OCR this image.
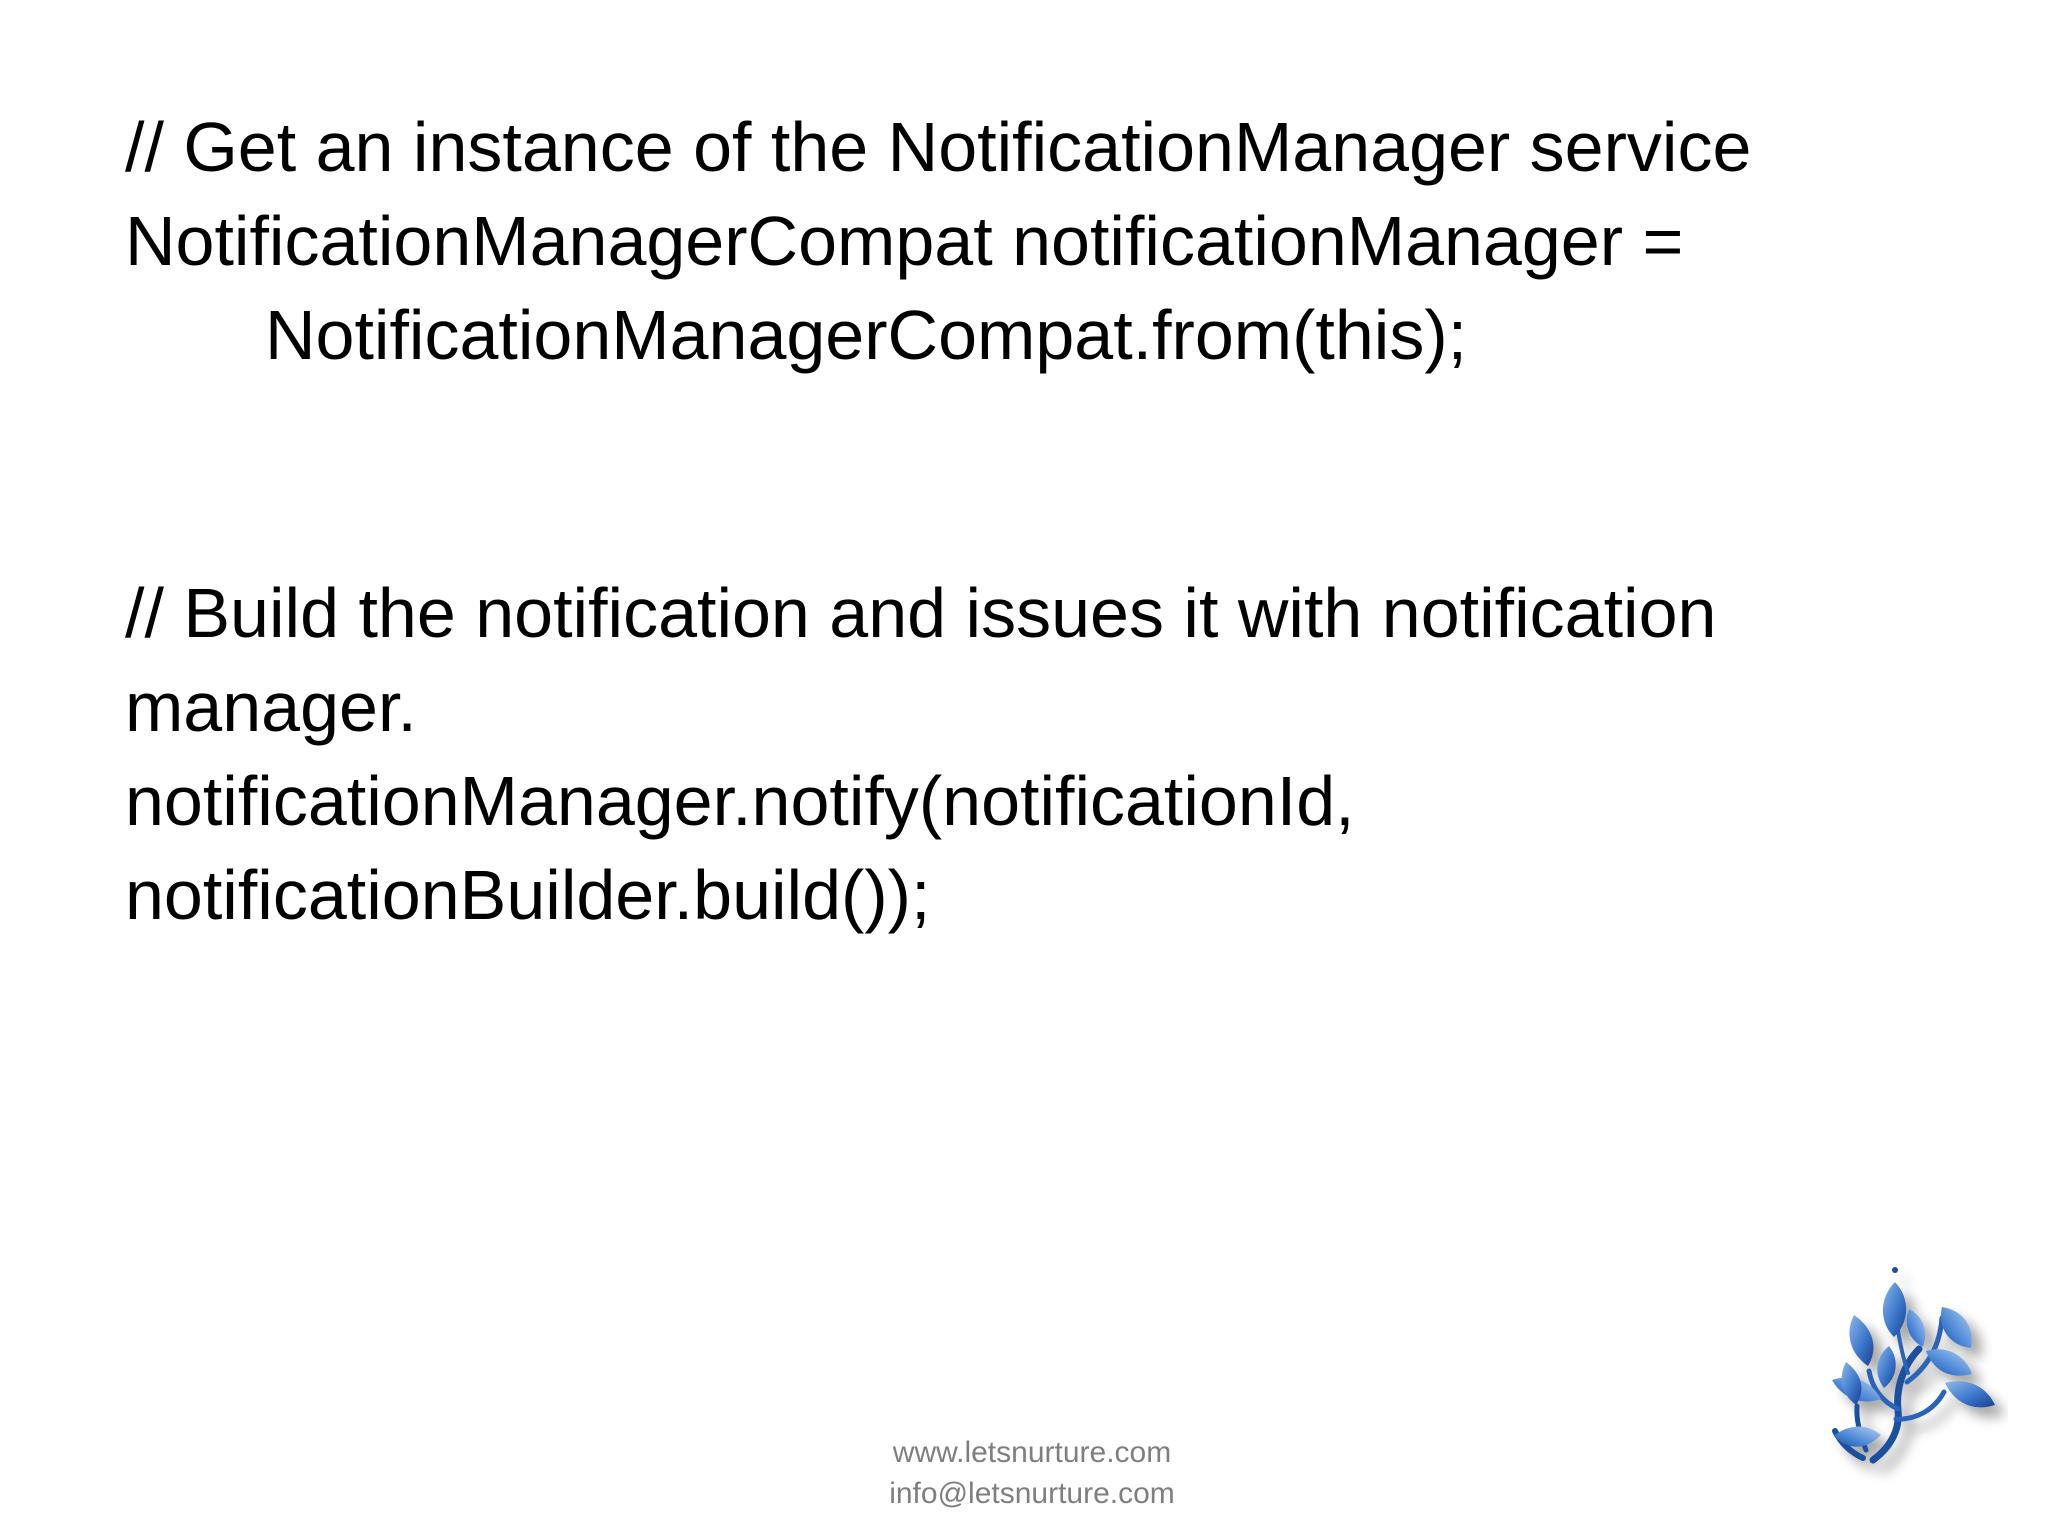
// Get an instance of the NotificationManager service
NotificationManagerCompat notificationManager =
NotificationManagerCompat.from(this);
// Build the notification and issues it with notification
manager.
notificationManager.notify(notificationId,
notificationBuilder.build());
www.letsnurture.com
info@letsnurture.com
